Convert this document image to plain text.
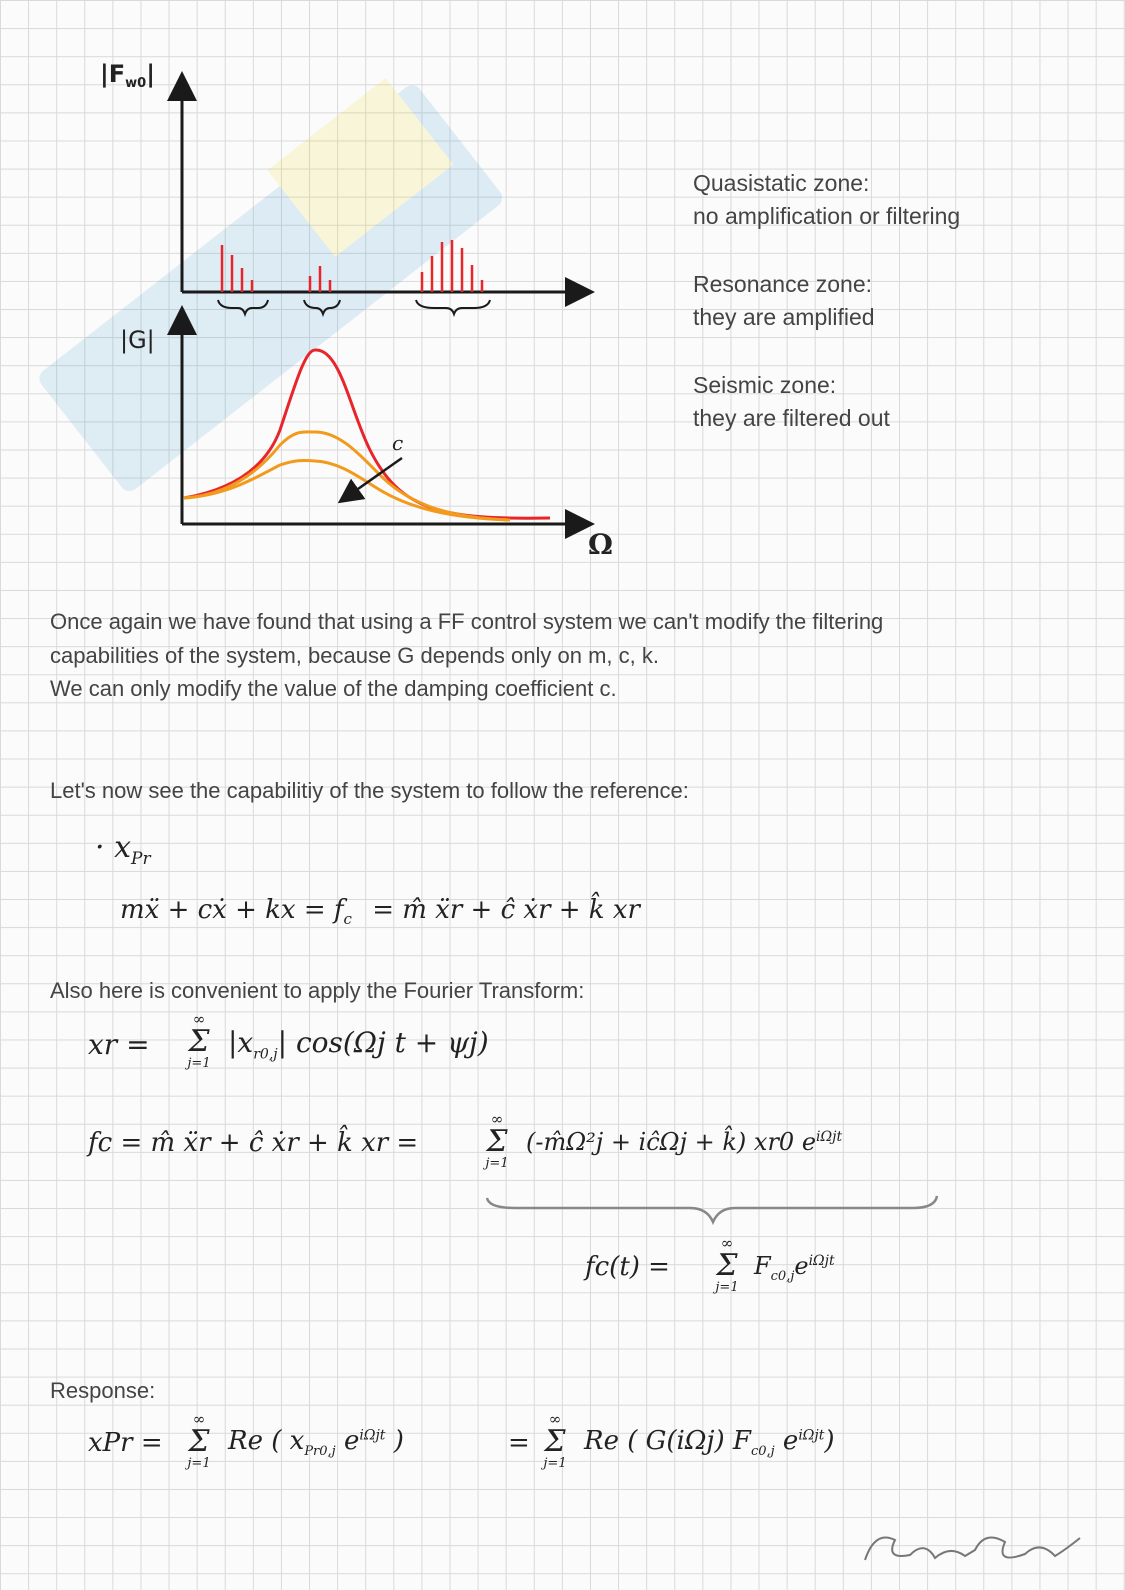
$|F_{w0}|$
|G|
Ω
c

Quasistatic zone:
no amplification or filtering

Resonance zone:
they are amplified

Seismic zone:
they are filtered out

Once again we have found that using a FF control system we can't modify the filtering
capabilities of the system, because G depends only on m, c, k.
We can only modify the value of the damping coefficient c.

Let's now see the capabilitiy of the system to follow the reference:

Also here is convenient to apply the Fourier Transform:

Response:

· $x_{Pr}$
mẍ + cẋ + kx = $f_c$ = m̂ ẍr + ĉ ẋr + k̂ xr
xr =
∞
Σ
j=1
$|x_{r0,j}|$ cos(Ωj t + ψj)
fc = m̂ ẍr + ĉ ẋr + k̂ xr =
∞
Σ
j=1
(-m̂Ω²j + iĉΩj + k̂) xr0 $e^{i\Omega jt}$
fc(t) =
∞
Σ
j=1
$F_{c0,j}e^{i\Omega jt}$
xPr =
∞
Σ
j=1
Re ( $x_{Pr0,j}$ $e^{i\Omega jt}$ )	=
∞
Σ
j=1
Re ( G(iΩj) $F_{c0,j}$ $e^{i\Omega jt}$)
